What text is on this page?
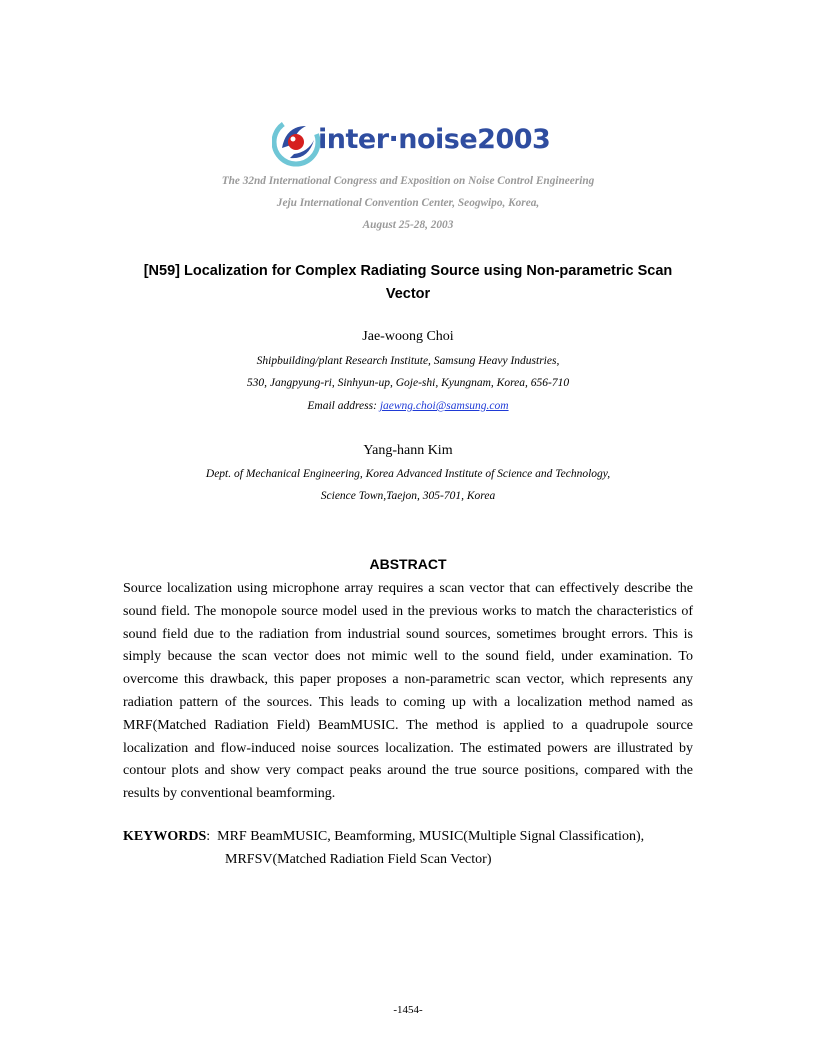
inter·noise2003
The 32nd International Congress and Exposition on Noise Control Engineering
Jeju International Convention Center, Seogwipo, Korea,
August 25-28, 2003
[N59] Localization for Complex Radiating Source using Non-parametric Scan
Vector
Jae-woong Choi
Shipbuilding/plant Research Institute, Samsung Heavy Industries,
530, Jangpyung-ri, Sinhyun-up, Goje-shi, Kyungnam, Korea, 656-710
Email address: jaewng.choi@samsung.com
Yang-hann Kim
Dept. of Mechanical Engineering, Korea Advanced Institute of Science and Technology,
Science Town,Taejon, 305-701, Korea
ABSTRACT
Source localization using microphone array requires a scan vector that can effectively describe the sound field. The monopole source model used in the previous works to match the characteristics of sound field due to the radiation from industrial sound sources, sometimes brought errors. This is simply because the scan vector does not mimic well to the sound field, under examination. To overcome this drawback, this paper proposes a non-parametric scan vector, which represents any radiation pattern of the sources. This leads to coming up with a localization method named as MRF(Matched Radiation Field) BeamMUSIC. The method is applied to a quadrupole source localization and flow-induced noise sources localization. The estimated powers are illustrated by contour plots and show very compact peaks around the true source positions, compared with the results by conventional beamforming.
KEYWORDS:  MRF BeamMUSIC, Beamforming, MUSIC(Multiple Signal Classification),
MRFSV(Matched Radiation Field Scan Vector)
-1454-
